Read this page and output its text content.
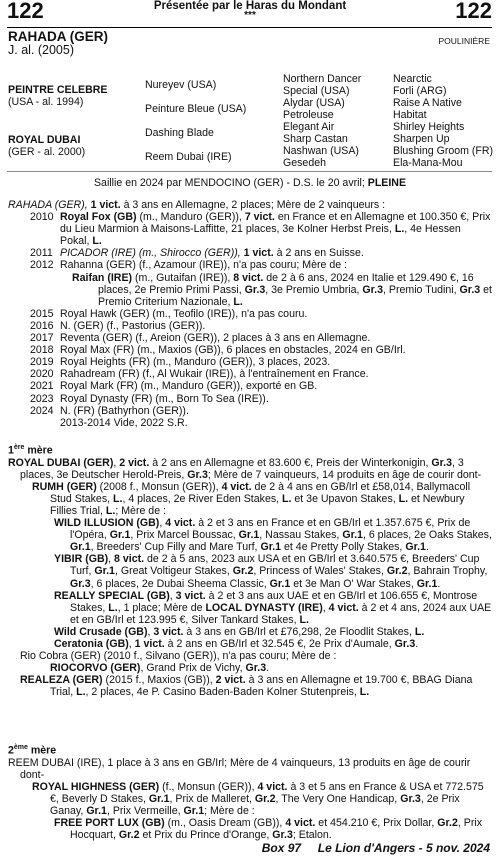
122	122
Présentée par le Haras du Mondant
***
RAHADA (GER)
J. al. (2005)
POULINIÈRE
PEINTRE CELEBRE
(USA - al. 1994)
ROYAL DUBAI
(GER - al. 2000)
Nureyev (USA)
Peinture Bleue (USA)
Dashing Blade
Reem Dubai (IRE)
Northern Dancer
Special (USA)
Alydar (USA)
Petroleuse
Elegant Air
Sharp Castan
Nashwan (USA)
Gesedeh
Nearctic
Forli (ARG)
Raise A Native
Habitat
Shirley Heights
Sharpen Up
Blushing Groom (FR)
Ela-Mana-Mou
Saillie en 2024 par MENDOCINO (GER) - D.S. le 20 avril; PLEINE

RAHADA (GER), 1 vict. à 3 ans en Allemagne, 2 places; Mère de 2 vainqueurs :

2010 Royal Fox (GB) (m., Manduro (GER)), 7 vict. en France et en Allemagne et 100.350 €, Prix du Lieu Marmion à Maisons-Laffitte, 21 places, 3e Kolner Herbst Preis, L., 4e Hessen Pokal, L.
2011 PICADOR (IRE) (m., Shirocco (GER)), 1 vict. à 2 ans en Suisse.
2012 Rahanna (GER) (f., Azamour (IRE)), n'a pas couru; Mère de :

Raifan (IRE) (m., Gutaifan (IRE)), 8 vict. de 2 à 6 ans, 2024 en Italie et 129.490 €, 16 places, 2e Premio Primi Passi, Gr.3, 3e Premio Umbria, Gr.3, Premio Tudini, Gr.3 et Premio Criterium Nazionale, L.

2015 Royal Hawk (GER) (m., Teofilo (IRE)), n'a pas couru.
2016 N. (GER) (f., Pastorius (GER)).
2017 Reventa (GER) (f., Areion (GER)), 2 places à 3 ans en Allemagne.
2018 Royal Max (FR) (m., Maxios (GB)), 6 places en obstacles, 2024 en GB/Irl.
2019 Royal Heights (FR) (m., Manduro (GER)), 3 places, 2023.
2020 Rahadream (FR) (f., Al Wukair (IRE)), à l'entraînement en France.
2021 Royal Mark (FR) (m., Manduro (GER)), exporté en GB.
2023 Royal Dynasty (FR) (m., Born To Sea (IRE)).
2024 N. (FR) (Bathyrhon (GER)).

2013-2014 Vide, 2022 S.R.

1ère mère

ROYAL DUBAI (GER), 2 vict. à 2 ans en Allemagne et 83.600 €, Preis der Winterkonigin, Gr.3, 3 places, 3e Deutscher Herold-Preis, Gr.3; Mère de 7 vainqueurs, 14 produits en âge de courir dont-

RUMH (GER) (2008 f., Monsun (GER)), 4 vict. de 2 à 4 ans en GB/Irl et £58,014, Ballymacoll Stud Stakes, L., 4 places, 2e River Eden Stakes, L. et 3e Upavon Stakes, L. et Newbury Fillies Trial, L.; Mère de :

WILD ILLUSION (GB), 4 vict. à 2 et 3 ans en France et en GB/Irl et 1.357.675 €, Prix de l'Opéra, Gr.1, Prix Marcel Boussac, Gr.1, Nassau Stakes, Gr.1, 6 places, 2e Oaks Stakes, Gr.1, Breeders' Cup Filly and Mare Turf, Gr.1 et 4e Pretty Polly Stakes, Gr.1.

YIBIR (GB), 8 vict. de 2 à 5 ans, 2023 aux USA et en GB/Irl et 3.640.575 €, Breeders' Cup Turf, Gr.1, Great Voltigeur Stakes, Gr.2, Princess of Wales' Stakes, Gr.2, Bahrain Trophy, Gr.3, 6 places, 2e Dubai Sheema Classic, Gr.1 et 3e Man O' War Stakes, Gr.1.

REALLY SPECIAL (GB), 3 vict. à 2 et 3 ans aux UAE et en GB/Irl et 106.655 €, Montrose Stakes, L., 1 place; Mère de LOCAL DYNASTY (IRE), 4 vict. à 2 et 4 ans, 2024 aux UAE et en GB/Irl et 123.995 €, Silver Tankard Stakes, L.

Wild Crusade (GB), 3 vict. à 3 ans en GB/Irl et £76,298, 2e Floodlit Stakes, L.

Ceratonia (GB), 1 vict. à 2 ans en GB/Irl et 32.545 €, 2e Prix d'Aumale, Gr.3.

Rio Cobra (GER) (2010 f., Silvano (GER)), n'a pas couru; Mère de :

RIOCORVO (GER), Grand Prix de Vichy, Gr.3.

REALEZA (GER) (2015 f., Maxios (GB)), 2 vict. à 3 ans en Allemagne et 19.700 €, BBAG Diana Trial, L., 2 places, 4e P. Casino Baden-Baden Kolner Stutenpreis, L.

2ème mère

REEM DUBAI (IRE), 1 place à 3 ans en GB/Irl; Mère de 4 vainqueurs, 13 produits en âge de courir dont-

ROYAL HIGHNESS (GER) (f., Monsun (GER)), 4 vict. à 3 et 5 ans en France & USA et 772.575 €, Beverly D Stakes, Gr.1, Prix de Malleret, Gr.2, The Very One Handicap, Gr.3, 2e Prix Ganay, Gr.1, Prix Vermeille, Gr.1; Mère de :

FREE PORT LUX (GB) (m., Oasis Dream (GB)), 4 vict. et 454.210 €, Prix Dollar, Gr.2, Prix Hocquart, Gr.2 et Prix du Prince d'Orange, Gr.3; Etalon.

Box 97     Le Lion d'Angers - 5 nov. 2024
